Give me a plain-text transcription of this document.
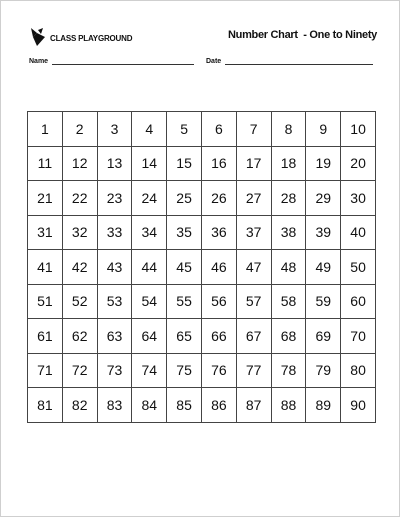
CLASS PLAYGROUND	Number Chart  - One to Ninety
Name	Date
1	2	3	4	5	6	7	8	9	10
11	12	13	14	15	16	17	18	19	20
21	22	23	24	25	26	27	28	29	30
31	32	33	34	35	36	37	38	39	40
41	42	43	44	45	46	47	48	49	50
51	52	53	54	55	56	57	58	59	60
61	62	63	64	65	66	67	68	69	70
71	72	73	74	75	76	77	78	79	80
81	82	83	84	85	86	87	88	89	90
